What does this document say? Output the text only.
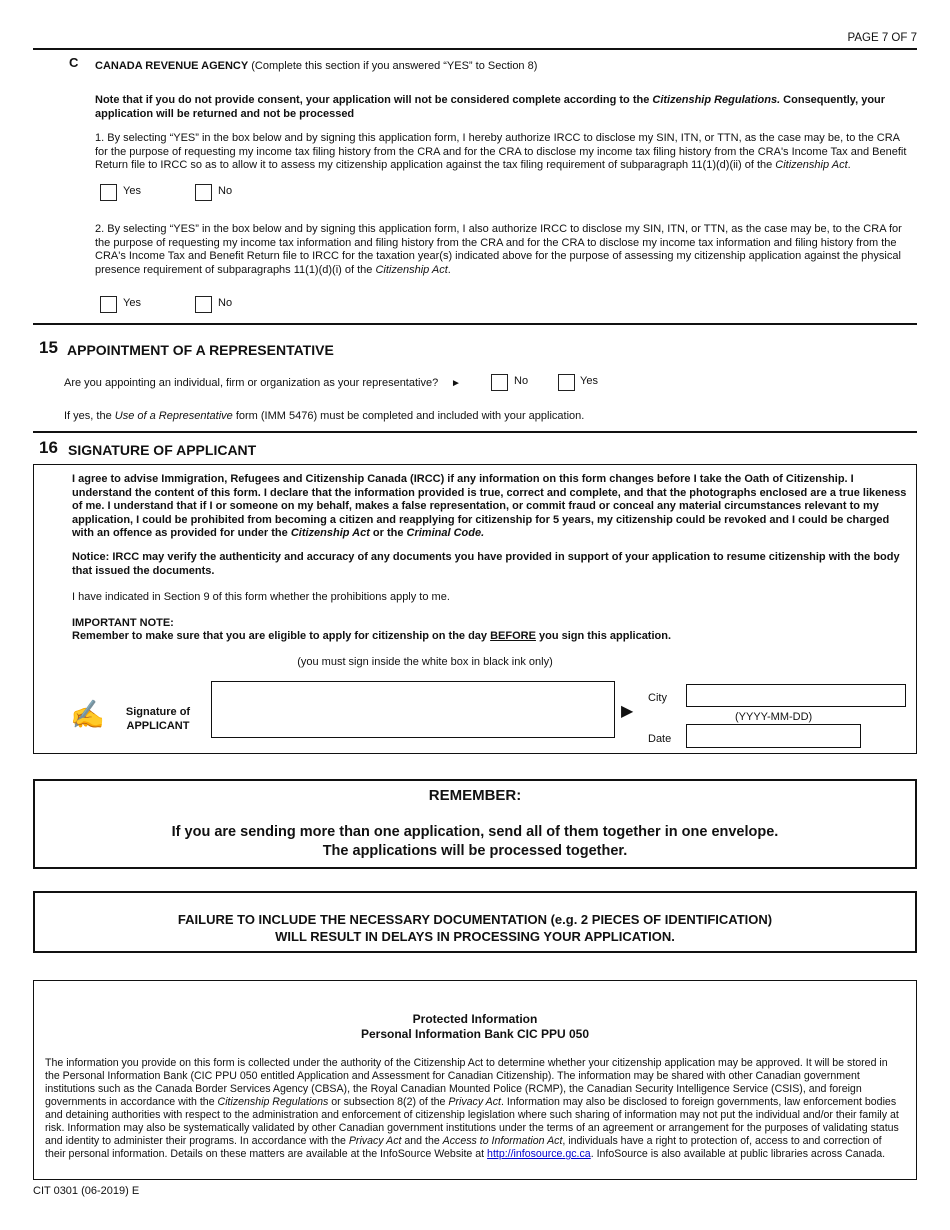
PAGE 7 OF 7
C CANADA REVENUE AGENCY (Complete this section if you answered “YES” to Section 8)
Note that if you do not provide consent, your application will not be considered complete according to the Citizenship Regulations. Consequently, your application will be returned and not be processed
1. By selecting “YES” in the box below and by signing this application form, I hereby authorize IRCC to disclose my SIN, ITN, or TTN, as the case may be, to the CRA for the purpose of requesting my income tax filing history from the CRA and for the CRA to disclose my income tax filing history from the CRA's Income Tax and Benefit Return file to IRCC so as to allow it to assess my citizenship application against the tax filing requirement of subparagraph 11(1)(d)(ii) of the Citizenship Act.
Yes	No
2. By selecting “YES” in the box below and by signing this application form, I also authorize IRCC to disclose my SIN, ITN, or TTN, as the case may be, to the CRA for the purpose of requesting my income tax information and filing history from the CRA and for the CRA to disclose my income tax information and filing history from the CRA's Income Tax and Benefit Return file to IRCC for the taxation year(s) indicated above for the purpose of assessing my citizenship application against the physical presence requirement of subparagraphs 11(1)(d)(i) of the Citizenship Act.
Yes	No
15 APPOINTMENT OF A REPRESENTATIVE
Are you appointing an individual, firm or organization as your representative? ►	No	Yes
If yes, the Use of a Representative form (IMM 5476) must be completed and included with your application.
16 SIGNATURE OF APPLICANT
I agree to advise Immigration, Refugees and Citizenship Canada (IRCC) if any information on this form changes before I take the Oath of Citizenship. I understand the content of this form. I declare that the information provided is true, correct and complete, and that the photographs enclosed are a true likeness of me. I understand that if I or someone on my behalf, makes a false representation, or commit fraud or conceal any material circumstances relevant to my application, I could be prohibited from becoming a citizen and reapplying for citizenship for 5 years, my citizenship could be revoked and I could be charged with an offence as provided for under the Citizenship Act or the Criminal Code.
Notice: IRCC may verify the authenticity and accuracy of any documents you have provided in support of your application to resume citizenship with the body that issued the documents.
I have indicated in Section 9 of this form whether the prohibitions apply to me.
IMPORTANT NOTE:
Remember to make sure that you are eligible to apply for citizenship on the day BEFORE you sign this application.
(you must sign inside the white box in black ink only)
✍	Signature of
APPLICANT
▶
City
(YYYY-MM-DD)
Date
REMEMBER:
If you are sending more than one application, send all of them together in one envelope.
The applications will be processed together.
FAILURE TO INCLUDE THE NECESSARY DOCUMENTATION (e.g. 2 PIECES OF IDENTIFICATION)
WILL RESULT IN DELAYS IN PROCESSING YOUR APPLICATION.
Protected Information
Personal Information Bank CIC PPU 050
The information you provide on this form is collected under the authority of the Citizenship Act to determine whether your citizenship application may be approved. It will be stored in the Personal Information Bank (CIC PPU 050 entitled Application and Assessment for Canadian Citizenship). The information may be shared with other Canadian government institutions such as the Canada Border Services Agency (CBSA), the Royal Canadian Mounted Police (RCMP), the Canadian Security Intelligence Service (CSIS), and foreign governments in accordance with the Citizenship Regulations or subsection 8(2) of the Privacy Act. Information may also be disclosed to foreign governments, law enforcement bodies and detaining authorities with respect to the administration and enforcement of citizenship legislation where such sharing of information may not put the individual and/or their family at risk. Information may also be systematically validated by other Canadian government institutions under the terms of an agreement or arrangement for the purposes of validating status and identity to administer their programs. In accordance with the Privacy Act and the Access to Information Act, individuals have a right to protection of, access to and correction of their personal information. Details on these matters are available at the InfoSource Website at http://infosource.gc.ca. InfoSource is also available at public libraries across Canada.
CIT 0301 (06-2019) E
